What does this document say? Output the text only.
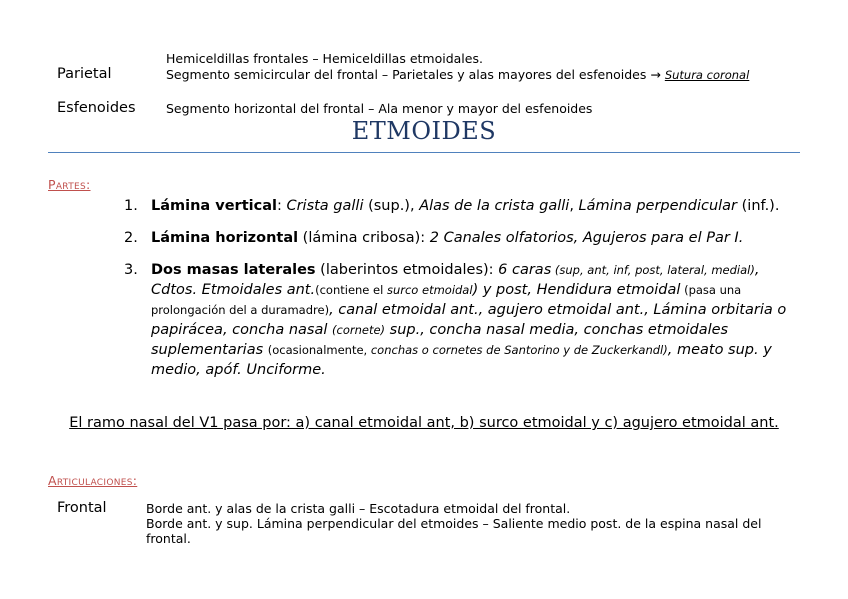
Hemiceldillas frontales – Hemiceldillas etmoidales.
Parietal	Segmento semicircular del frontal – Parietales y alas mayores del esfenoides → Sutura coronal
Esfenoides Segmento horizontal del frontal – Ala menor y mayor del esfenoides
ETMOIDES
Partes:
1. Lámina vertical: Crista galli (sup.), Alas de la crista galli, Lámina perpendicular (inf.).
2. Lámina horizontal (lámina cribosa): 2 Canales olfatorios, Agujeros para el Par I.
3. Dos masas laterales (laberintos etmoidales): 6 caras (sup, ant, inf, post, lateral, medial), Cdtos. Etmoidales ant.(contiene el surco etmoidal) y post, Hendidura etmoidal (pasa una prolongación del a duramadre), canal etmoidal ant., agujero etmoidal ant., Lámina orbitaria o papirácea, concha nasal (cornete) sup., concha nasal media, conchas etmoidales suplementarias (ocasionalmente, conchas o cornetes de Santorino y de Zuckerkandl), meato sup. y medio, apóf. Unciforme.
El ramo nasal del V1 pasa por: a) canal etmoidal ant, b) surco etmoidal y c) agujero etmoidal ant.
Articulaciones:
Frontal	Borde ant. y alas de la crista galli – Escotadura etmoidal del frontal.
Borde ant. y sup. Lámina perpendicular del etmoides – Saliente medio post. de la espina nasal del frontal.
